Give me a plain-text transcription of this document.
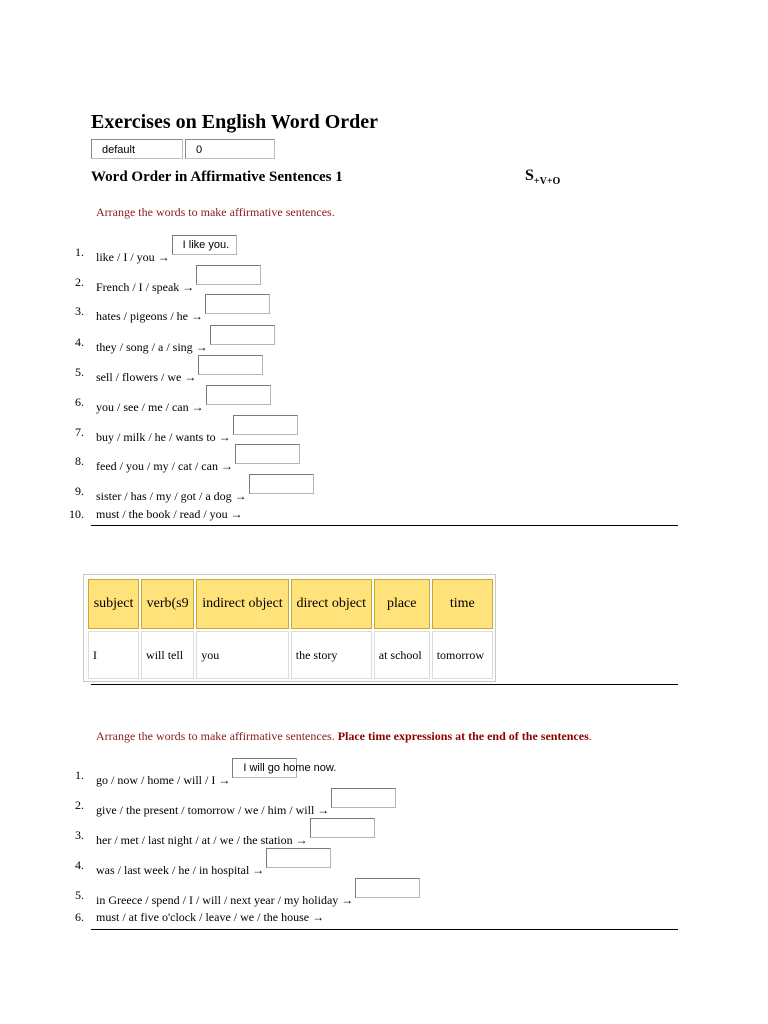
Exercises on English Word Order
default	0
Word Order in Affirmative Sentences 1	$S_{+V+O}$
Arrange the words to make affirmative sentences.
1. like / I / you →I like you.
2. French / I / speak →
3. hates / pigeons / he →
4. they / song / a / sing →
5. sell / flowers / we →
6. you / see / me / can →
7. buy / milk / he / wants to →
8. feed / you / my / cat / can →
9. sister / has / my / got / a dog →
10. must / the book / read / you →
subject	verb(s9	indirect object	direct object	place	time
I	will tell	you	the story	at school	tomorrow
Arrange the words to make affirmative sentences. Place time expressions at the end of the sentences.
1. go / now / home / will / I →I will go home now.
2. give / the present / tomorrow / we / him / will →
3. her / met / last night / at / we / the station →
4. was / last week / he / in hospital →
5. in Greece / spend / I / will / next year / my holiday →
6. must / at five o'clock / leave / we / the house →
